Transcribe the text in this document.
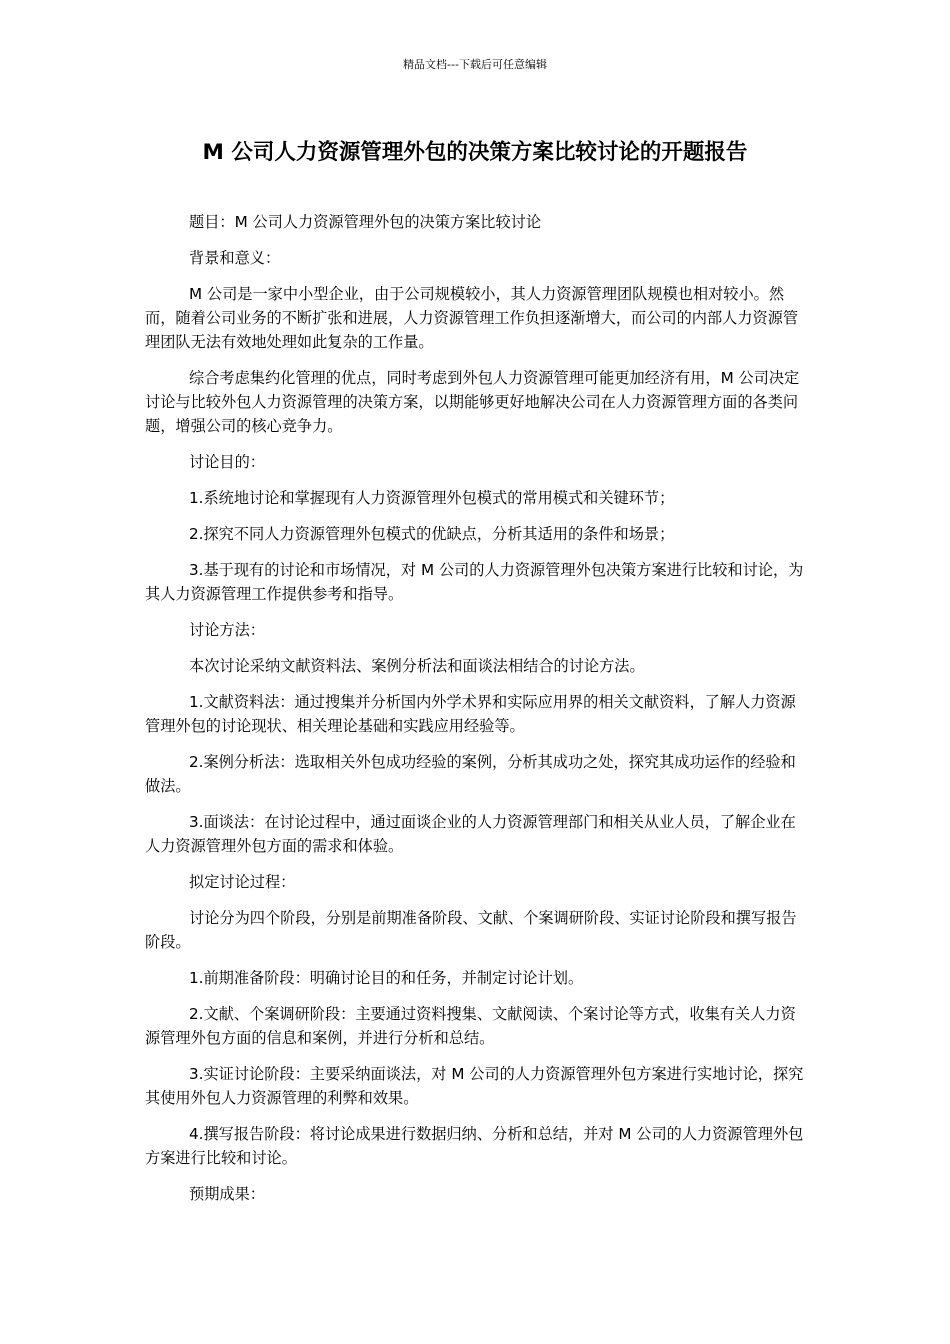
精品文档---下载后可任意编辑
M 公司人力资源管理外包的决策方案比较讨论的开题报告

题目：M 公司人力资源管理外包的决策方案比较讨论

背景和意义：

M 公司是一家中小型企业，由于公司规模较小，其人力资源管理团队规模也相对较小。然而，随着公司业务的不断扩张和进展，人力资源管理工作负担逐渐增大，而公司的内部人力资源管理团队无法有效地处理如此复杂的工作量。

综合考虑集约化管理的优点，同时考虑到外包人力资源管理可能更加经济有用，M 公司决定讨论与比较外包人力资源管理的决策方案，以期能够更好地解决公司在人力资源管理方面的各类问题，增强公司的核心竞争力。

讨论目的：

1.系统地讨论和掌握现有人力资源管理外包模式的常用模式和关键环节；

2.探究不同人力资源管理外包模式的优缺点，分析其适用的条件和场景；

3.基于现有的讨论和市场情况，对 M 公司的人力资源管理外包决策方案进行比较和讨论，为其人力资源管理工作提供参考和指导。

讨论方法：

本次讨论采纳文献资料法、案例分析法和面谈法相结合的讨论方法。

1.文献资料法：通过搜集并分析国内外学术界和实际应用界的相关文献资料，了解人力资源管理外包的讨论现状、相关理论基础和实践应用经验等。

2.案例分析法：选取相关外包成功经验的案例，分析其成功之处，探究其成功运作的经验和做法。

3.面谈法：在讨论过程中，通过面谈企业的人力资源管理部门和相关从业人员，了解企业在人力资源管理外包方面的需求和体验。

拟定讨论过程：

讨论分为四个阶段，分别是前期准备阶段、文献、个案调研阶段、实证讨论阶段和撰写报告阶段。

1.前期准备阶段：明确讨论目的和任务，并制定讨论计划。

2.文献、个案调研阶段：主要通过资料搜集、文献阅读、个案讨论等方式，收集有关人力资源管理外包方面的信息和案例，并进行分析和总结。

3.实证讨论阶段：主要采纳面谈法，对 M 公司的人力资源管理外包方案进行实地讨论，探究其使用外包人力资源管理的利弊和效果。

4.撰写报告阶段：将讨论成果进行数据归纳、分析和总结，并对 M 公司的人力资源管理外包方案进行比较和讨论。

预期成果：
